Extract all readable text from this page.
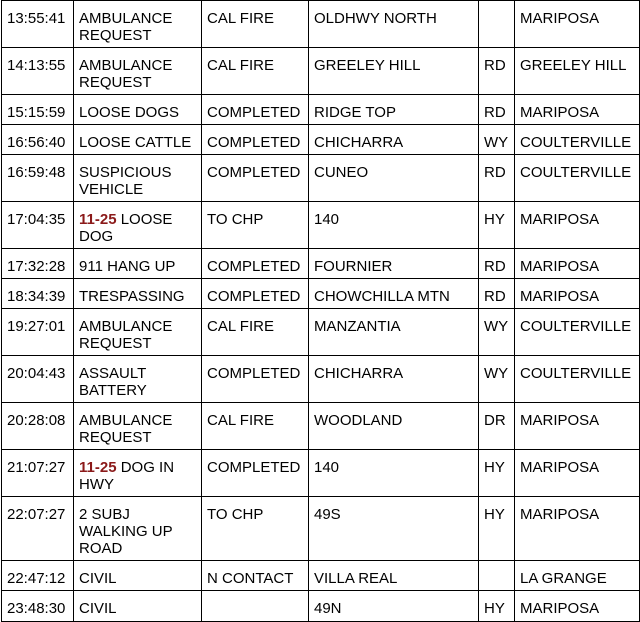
13:55:41	AMBULANCE REQUEST	CAL FIRE	OLDHWY NORTH		MARIPOSA
14:13:55	AMBULANCE REQUEST	CAL FIRE	GREELEY HILL	RD	GREELEY HILL
15:15:59	LOOSE DOGS	COMPLETED	RIDGE TOP	RD	MARIPOSA
16:56:40	LOOSE CATTLE	COMPLETED	CHICHARRA	WY	COULTERVILLE
16:59:48	SUSPICIOUS VEHICLE	COMPLETED	CUNEO	RD	COULTERVILLE
17:04:35	11-25 LOOSE DOG	TO CHP	140	HY	MARIPOSA
17:32:28	911 HANG UP	COMPLETED	FOURNIER	RD	MARIPOSA
18:34:39	TRESPASSING	COMPLETED	CHOWCHILLA MTN	RD	MARIPOSA
19:27:01	AMBULANCE REQUEST	CAL FIRE	MANZANTIA	WY	COULTERVILLE
20:04:43	ASSAULT BATTERY	COMPLETED	CHICHARRA	WY	COULTERVILLE
20:28:08	AMBULANCE REQUEST	CAL FIRE	WOODLAND	DR	MARIPOSA
21:07:27	11-25 DOG IN HWY	COMPLETED	140	HY	MARIPOSA
22:07:27	2 SUBJ WALKING UP ROAD	TO CHP	49S	HY	MARIPOSA
22:47:12	CIVIL	N CONTACT	VILLA REAL		LA GRANGE
23:48:30	CIVIL		49N	HY	MARIPOSA
